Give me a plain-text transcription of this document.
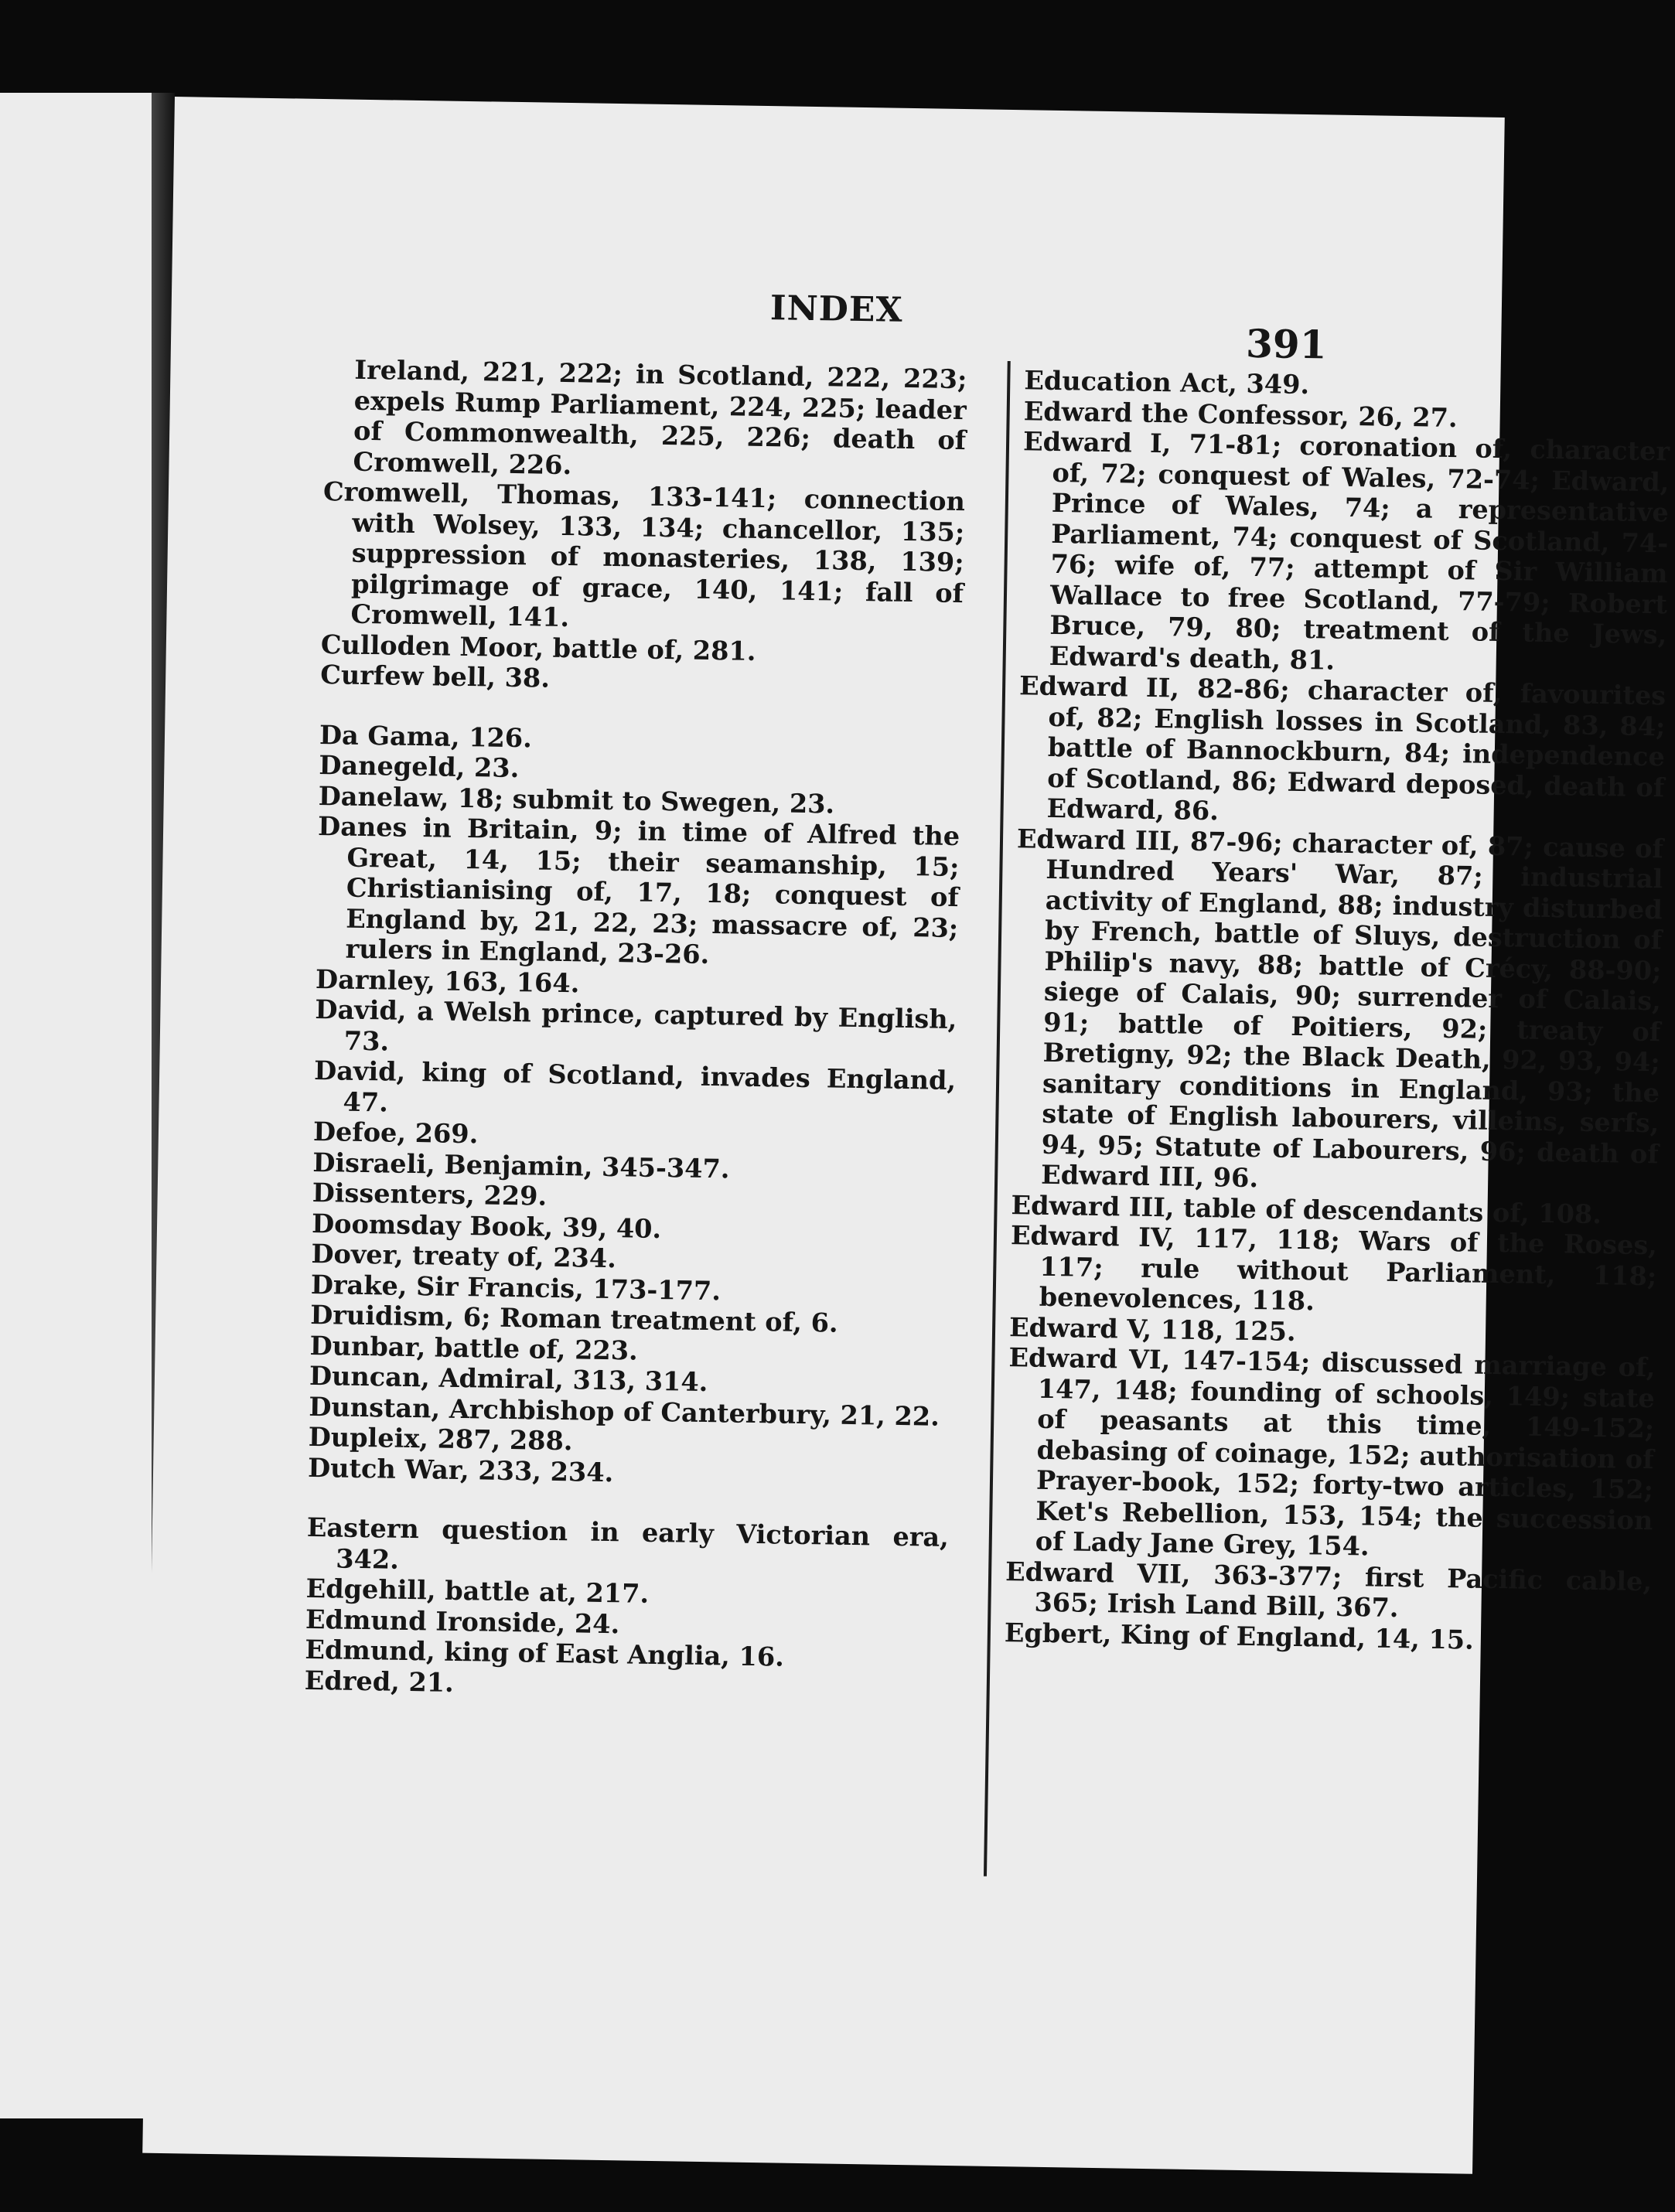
INDEX
391
Ireland, 221, 222; in Scotland, 222, 223; expels Rump Parliament, 224, 225; leader of Commonwealth, 225, 226; death of Cromwell, 226.
Cromwell, Thomas, 133-141; connection with Wolsey, 133, 134; chancellor, 135; suppression of monasteries, 138, 139; pilgrimage of grace, 140, 141; fall of Cromwell, 141.
Culloden Moor, battle of, 281.
Curfew bell, 38.
Da Gama, 126.
Danegeld, 23.
Danelaw, 18; submit to Swegen, 23.
Danes in Britain, 9; in time of Alfred the Great, 14, 15; their seamanship, 15; Christianising of, 17, 18; conquest of England by, 21, 22, 23; massacre of, 23; rulers in England, 23-26.
Darnley, 163, 164.
David, a Welsh prince, captured by English, 73.
David, king of Scotland, invades England, 47.
Defoe, 269.
Disraeli, Benjamin, 345-347.
Dissenters, 229.
Doomsday Book, 39, 40.
Dover, treaty of, 234.
Drake, Sir Francis, 173-177.
Druidism, 6; Roman treatment of, 6.
Dunbar, battle of, 223.
Duncan, Admiral, 313, 314.
Dunstan, Archbishop of Canterbury, 21, 22.
Dupleix, 287, 288.
Dutch War, 233, 234.
Eastern question in early Victorian era, 342.
Edgehill, battle at, 217.
Edmund Ironside, 24.
Edmund, king of East Anglia, 16.
Edred, 21.
Education Act, 349.
Edward the Confessor, 26, 27.
Edward I, 71-81; coronation of, character of, 72; conquest of Wales, 72-74; Edward, Prince of Wales, 74; a representative Parliament, 74; conquest of Scotland, 74-76; wife of, 77; attempt of Sir William Wallace to free Scotland, 77-79; Robert Bruce, 79, 80; treatment of the Jews, Edward's death, 81.
Edward II, 82-86; character of, favourites of, 82; English losses in Scotland, 83, 84; battle of Bannockburn, 84; independence of Scotland, 86; Edward deposed, death of Edward, 86.
Edward III, 87-96; character of, 87; cause of Hundred Years' War, 87; industrial activity of England, 88; industry disturbed by French, battle of Sluys, destruction of Philip's navy, 88; battle of Crécy, 88-90; siege of Calais, 90; surrender of Calais, 91; battle of Poitiers, 92; treaty of Bretigny, 92; the Black Death, 92, 93, 94; sanitary conditions in England, 93; the state of English labourers, villeins, serfs, 94, 95; Statute of Labourers, 96; death of Edward III, 96.
Edward III, table of descendants of, 108.
Edward IV, 117, 118; Wars of the Roses, 117; rule without Parliament, 118; benevolences, 118.
Edward V, 118, 125.
Edward VI, 147-154; discussed marriage of, 147, 148; founding of schools, 149; state of peasants at this time, 149-152; debasing of coinage, 152; authorisation of Prayer-book, 152; forty-two articles, 152; Ket's Rebellion, 153, 154; the succession of Lady Jane Grey, 154.
Edward VII, 363-377; first Pacific cable, 365; Irish Land Bill, 367.
Egbert, King of England, 14, 15.
